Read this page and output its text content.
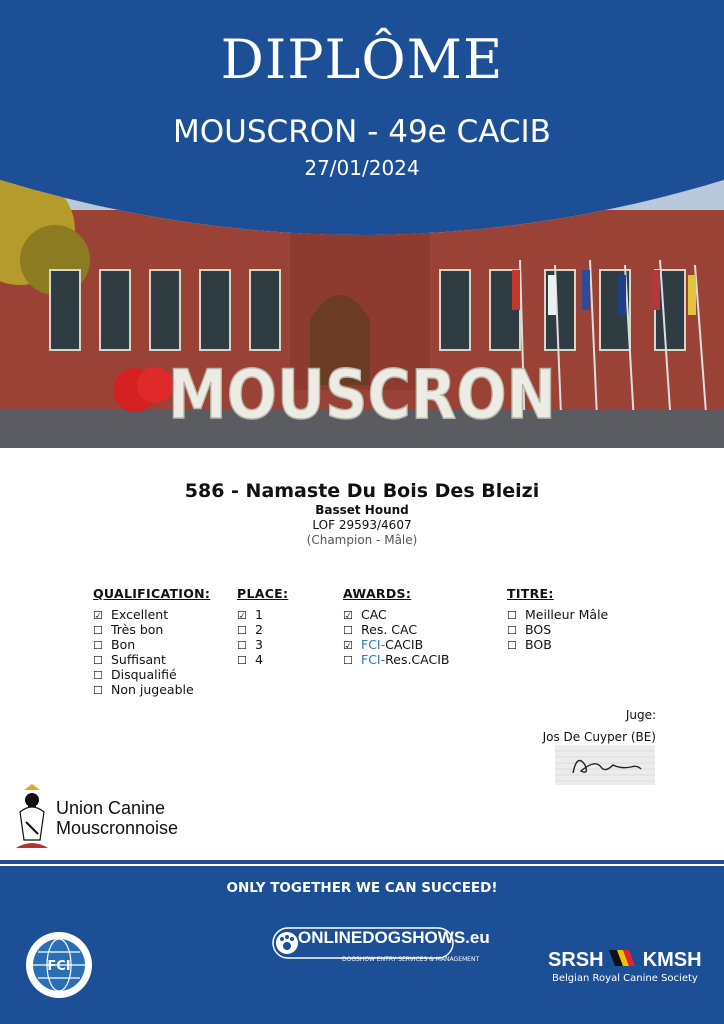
MOUSCRON
DIPLÔME
MOUSCRON - 49e CACIB
27/01/2024
586 - Namaste Du Bois Des Bleizi
Basset Hound
LOF 29593/4607
(Champion - Mâle)
QUALIFICATION:
☑ Excellent
☐ Très bon
☐ Bon
☐ Suffisant
☐ Disqualifié
☐ Non jugeable
PLACE:
☑ 1
☐ 2
☐ 3
☐ 4
AWARDS:
☑ CAC
☐ Res. CAC
☑ FCI-CACIB
☐ FCI-Res.CACIB
TITRE:
☐ Meilleur Mâle
☐ BOS
☐ BOB
Juge:
Jos De Cuyper (BE)
Union Canine
Mouscronnoise
ONLY TOGETHER WE CAN SUCCEED!
FCI
ONLINEDOGSHOWS.eu
DOGSHOW ENTRY SERVICES & MANAGEMENT	SRSH KMSH
Belgian Royal Canine Society
